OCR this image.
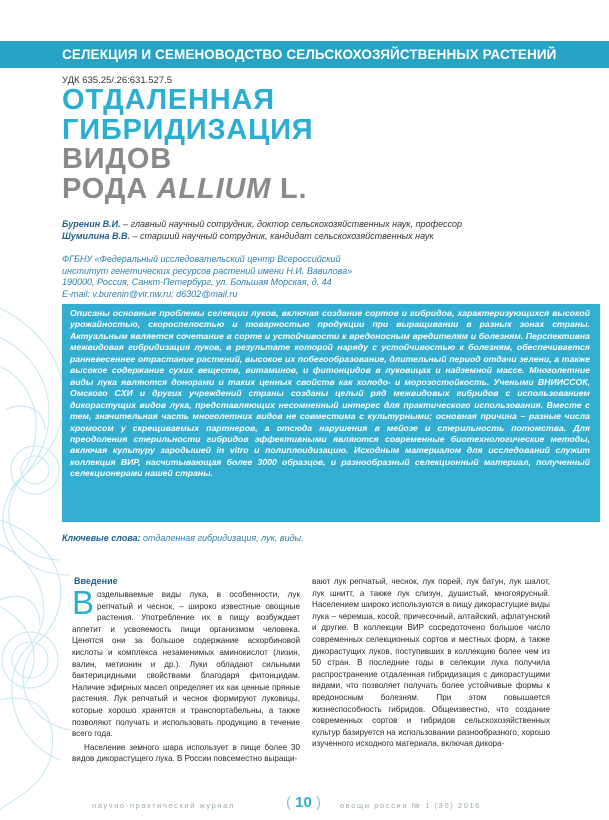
СЕЛЕКЦИЯ И СЕМЕНОВОДСТВО СЕЛЬСКОХОЗЯЙСТВЕННЫХ РАСТЕНИЙ
УДК 635.25/.26:631.527.5
ОТДАЛЕННАЯ
ГИБРИДИЗАЦИЯ
ВИДОВ
РОДА ALLIUM L.
Буренин В.И. – главный научный сотрудник, доктор сельскохозяйственных наук, профессор
Шумилина В.В. – старший научный сотрудник, кандидат сельскохозяйственных наук
ФГБНУ «Федеральный исследовательский центр Всероссийский
институт генетических ресурсов растений имени Н.И. Вавилова»
190000, Россия, Санкт-Петербург, ул. Большая Морская, д. 44
E-mail: v.burenin@vir.nw.ru; d6302@mail.ru
Описаны основные проблемы селекции луков, включая создание сортов и гибридов, характеризующихся высокой урожайностью, скороспелостью и товарностью продукции при выращивании в разных зонах страны. Актуальным является сочетание в сорте и устойчивости к вредоносным вредителям и болезням. Перспективна межвидовая гибридизация луков, в результате которой наряду с устойчивостью к болезням, обеспечивается ранневесеннее отрастание растений, высокое их побегообразование, длительный период отдачи зелени, а также высокое содержание сухих веществ, витаминов, и фитонцидов в луковицах и надземной массе. Многолетние виды лука являются донорами и таких ценных свойств как холодо- и морозостойкость. Учеными ВНИИССОК, Омского СХИ и других учреждений страны созданы целый ряд межвидовых гибридов с использованием дикорастущих видов лука, представляющих несомненный интерес для практического использования. Вместе с тем, значительная часть многолетних видов не совместима с культурными; основная причина – разные числа хромосом у скрещиваемых партнеров, а отсюда нарушения в мейозе и стерильность потомства. Для преодоления стерильности гибридов эффективными являются современные биотехнологические методы, включая культуру зародышей in vitro и полиплоидизацию. Исходным материалом для исследований служит коллекция ВИР, насчитывающая более 3000 образцов, и разнообразный селекционный материал, полученный селекционерами нашей страны.
Ключевые слова: отдаленная гибридизация, лук, виды.
Введение

Возделываемые виды лука, в особенности, лук репчатый и чеснок, – широко известные овощные растения. Употребление их в пищу возбуждает аппетит и усвояемость пищи организмом человека. Ценятся они за большое содержание аскорбиновой кислоты и комплекса незаменимых аминокислот (лизин, валин, метионин и др.). Луки обладают сильными бактерицидными свойствами благодаря фитонцидам. Наличие эфирных масел определяет их как ценные пряные растения. Лук репчатый и чеснок формируют луковицы, которые хорошо хранятся и транспортабельны, а также позволяют получать и использовать продукцию в течение всего года.

Население земного шара использует в пище более 30 видов дикорастущего лука. В России повсеместно выращи-

вают лук репчатый, чеснок, лук порей, лук батун, лук шалот, лук шнитт, а также лук слизун, душистый, многоярусный. Населением широко используются в пищу дикорастущие виды лука – черемша, косой, причесочный, алтайский, афлатунский и другие. В коллекции ВИР сосредоточено большое число современных селекционных сортов и местных форм, а также дикорастущих луков, поступивших в коллекцию более чем из 50 стран. В последние годы в селекции лука получила распространение отдаленная гибридизация с дикорастущими видами, что позволяет получать более устойчивые формы к вредоносным болезням. При этом повышается жизнеспособность гибридов. Общеизвестно, что создание современных сортов и гибридов сельскохозяйственных культур базируется на использовании разнообразного, хорошо изученного исходного материала, включая дикора-

научно-практический журнал	( 10 )	овощи россии № 1 (30) 2016
